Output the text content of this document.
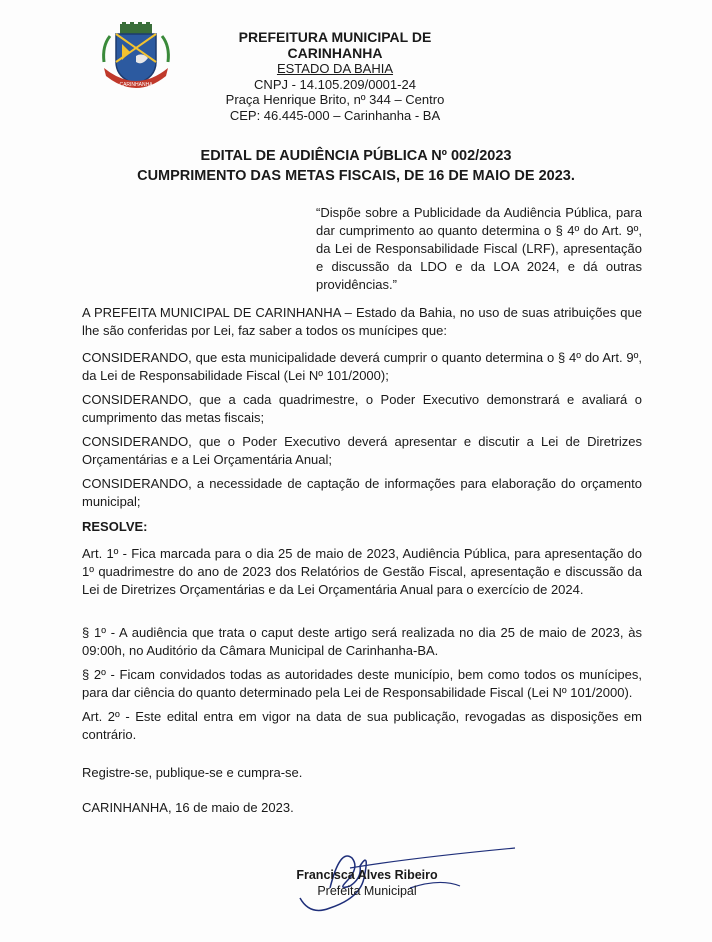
CARINHANHA
PREFEITURA MUNICIPAL DE CARINHANHA
ESTADO DA BAHIA
CNPJ - 14.105.209/0001-24
Praça Henrique Brito, nº 344 – Centro
CEP: 46.445-000 – Carinhanha - BA
EDITAL DE AUDIÊNCIA PÚBLICA Nº 002/2023
CUMPRIMENTO DAS METAS FISCAIS, DE 16 DE MAIO DE 2023.
“Dispõe sobre a Publicidade da Audiência Pública, para dar cumprimento ao quanto determina o § 4º do Art. 9º, da Lei de Responsabilidade Fiscal (LRF), apresentação e discussão da LDO e da LOA 2024, e dá outras providências.”
A PREFEITA MUNICIPAL DE CARINHANHA – Estado da Bahia, no uso de suas atribuições que lhe são conferidas por Lei, faz saber a todos os munícipes que:
CONSIDERANDO, que esta municipalidade deverá cumprir o quanto determina o § 4º do Art. 9º, da Lei de Responsabilidade Fiscal (Lei Nº 101/2000);
CONSIDERANDO, que a cada quadrimestre, o Poder Executivo demonstrará e avaliará o cumprimento das metas fiscais;
CONSIDERANDO, que o Poder Executivo deverá apresentar e discutir a Lei de Diretrizes Orçamentárias e a Lei Orçamentária Anual;
CONSIDERANDO, a necessidade de captação de informações para elaboração do orçamento municipal;
RESOLVE:
Art. 1º - Fica marcada para o dia 25 de maio de 2023, Audiência Pública, para apresentação do 1º quadrimestre do ano de 2023 dos Relatórios de Gestão Fiscal, apresentação e discussão da Lei de Diretrizes Orçamentárias e da Lei Orçamentária Anual para o exercício de 2024.
§ 1º - A audiência que trata o caput deste artigo será realizada no dia 25 de maio de 2023, às 09:00h, no Auditório da Câmara Municipal de Carinhanha-BA.
§ 2º - Ficam convidados todas as autoridades deste município, bem como todos os munícipes, para dar ciência do quanto determinado pela Lei de Responsabilidade Fiscal (Lei Nº 101/2000).
Art. 2º - Este edital entra em vigor na data de sua publicação, revogadas as disposições em contrário.
Registre-se, publique-se e cumpra-se.
CARINHANHA, 16 de maio de 2023.
Francisca Alves Ribeiro
Prefeita Municipal
